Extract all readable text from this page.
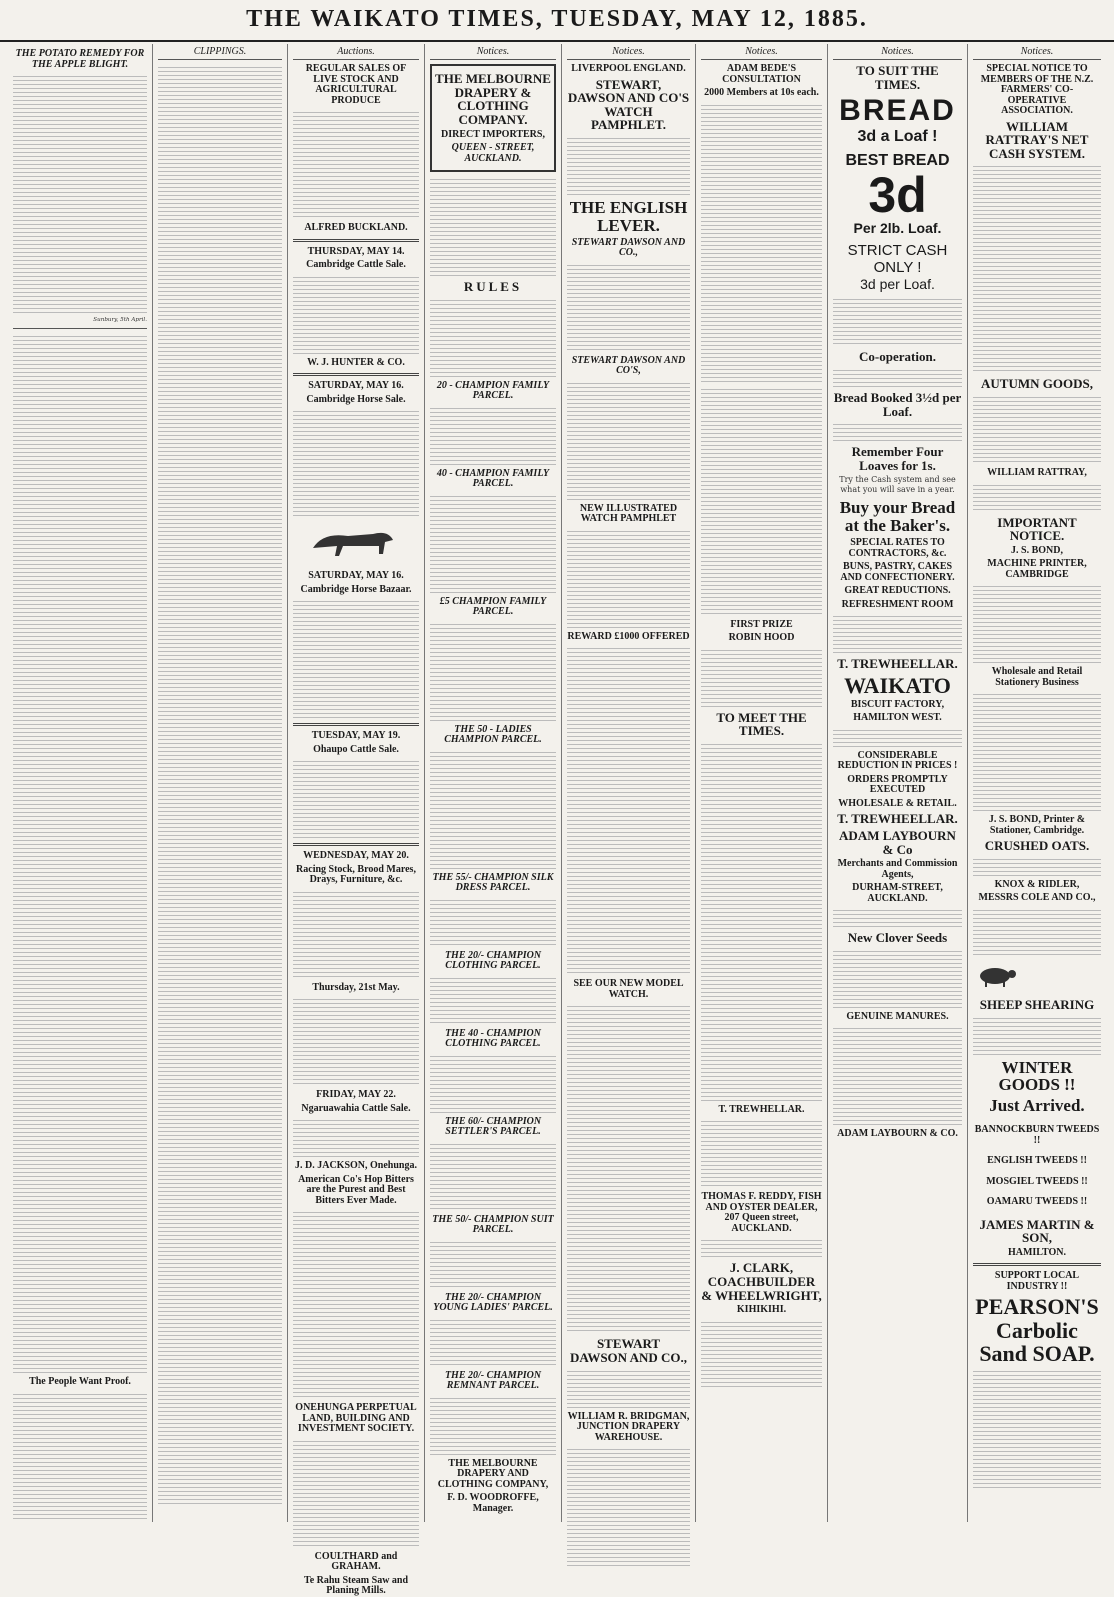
THE WAIKATO TIMES, TUESDAY, MAY 12, 1885.
THE POTATO REMEDY FOR THE APPLE BLIGHT.
Sunbury, 5th April.
The People Want Proof.
CLIPPINGS.	Auctions.
REGULAR SALES OF LIVE STOCK AND AGRICULTURAL PRODUCE
ALFRED BUCKLAND.
THURSDAY, MAY 14.
Cambridge Cattle Sale.
W. J. HUNTER & CO.
SATURDAY, MAY 16.
Cambridge Horse Sale.
SATURDAY, MAY 16.
Cambridge Horse Bazaar.
TUESDAY, MAY 19.
Ohaupo Cattle Sale.
WEDNESDAY, MAY 20.
Racing Stock, Brood Mares, Drays, Furniture, &c.
Thursday, 21st May.
FRIDAY, MAY 22.
Ngaruawahia Cattle Sale.
J. D. JACKSON, Onehunga.
American Co's Hop Bitters are the Purest and Best Bitters Ever Made.
ONEHUNGA PERPETUAL LAND, BUILDING AND INVESTMENT SOCIETY.
COULTHARD and GRAHAM.
Te Rahu Steam Saw and Planing Mills.
Notices.
THE MELBOURNE DRAPERY & CLOTHING COMPANY.
DIRECT IMPORTERS,
QUEEN - STREET, AUCKLAND.
RULES
20 - CHAMPION FAMILY PARCEL.
40 - CHAMPION FAMILY PARCEL.
£5 CHAMPION FAMILY PARCEL.
THE 50 - LADIES CHAMPION PARCEL.
THE 55/- CHAMPION SILK DRESS PARCEL.
THE 20/- CHAMPION CLOTHING PARCEL.
THE 40 - CHAMPION CLOTHING PARCEL.
THE 60/- CHAMPION SETTLER'S PARCEL.
THE 50/- CHAMPION SUIT PARCEL.
THE 20/- CHAMPION YOUNG LADIES' PARCEL.
THE 20/- CHAMPION REMNANT PARCEL.
THE MELBOURNE DRAPERY AND CLOTHING COMPANY,
F. D. WOODROFFE, Manager.
Notices.
LIVERPOOL ENGLAND.
STEWART, DAWSON AND CO'S WATCH PAMPHLET.
THE ENGLISH LEVER.
STEWART DAWSON AND CO.,
STEWART DAWSON AND CO'S,
NEW ILLUSTRATED WATCH PAMPHLET
REWARD £1000 OFFERED
SEE OUR NEW MODEL WATCH.
STEWART DAWSON AND CO.,
WILLIAM R. BRIDGMAN, JUNCTION DRAPERY WAREHOUSE.
Notices.
ADAM BEDE'S CONSULTATION
2000 Members at 10s each.
FIRST PRIZE
ROBIN HOOD
TO MEET THE TIMES.
T. TREWHELLAR.
THOMAS F. REDDY, FISH AND OYSTER DEALER, 207 Queen street, AUCKLAND.
J. CLARK, COACHBUILDER & WHEELWRIGHT,
KIHIKIHI.
Notices.
TO SUIT THE TIMES.
BREAD
3d a Loaf !
BEST BREAD
3d
Per 2lb. Loaf.
STRICT CASH ONLY !
3d per Loaf.
Co-operation.
Bread Booked 3½d per Loaf.
Remember Four Loaves for 1s.
Try the Cash system and see what you will save in a year.
Buy your Bread at the Baker's.
SPECIAL RATES TO CONTRACTORS, &c.
BUNS, PASTRY, CAKES AND CONFECTIONERY.
GREAT REDUCTIONS.
REFRESHMENT ROOM
T. TREWHEELLAR.
WAIKATO
BISCUIT FACTORY,
HAMILTON WEST.
CONSIDERABLE REDUCTION IN PRICES !
ORDERS PROMPTLY EXECUTED
WHOLESALE & RETAIL.
T. TREWHEELLAR.
ADAM LAYBOURN & Co
Merchants and Commission Agents,
DURHAM-STREET, AUCKLAND.
New Clover Seeds
GENUINE MANURES.
ADAM LAYBOURN & CO.
Notices.
SPECIAL NOTICE TO MEMBERS OF THE N.Z. FARMERS' CO-OPERATIVE ASSOCIATION.
WILLIAM RATTRAY'S NET CASH SYSTEM.
AUTUMN GOODS,
WILLIAM RATTRAY,
IMPORTANT NOTICE.
J. S. BOND,
MACHINE PRINTER, CAMBRIDGE
Wholesale and Retail Stationery Business
J. S. BOND, Printer & Stationer, Cambridge.
CRUSHED OATS.
KNOX & RIDLER,
MESSRS COLE AND CO.,
SHEEP SHEARING
WINTER GOODS !!
Just Arrived.
BANNOCKBURN TWEEDS !!
ENGLISH TWEEDS !!
MOSGIEL TWEEDS !!
OAMARU TWEEDS !!
JAMES MARTIN & SON,
HAMILTON.
SUPPORT LOCAL INDUSTRY !!
PEARSON'S Carbolic Sand SOAP.
